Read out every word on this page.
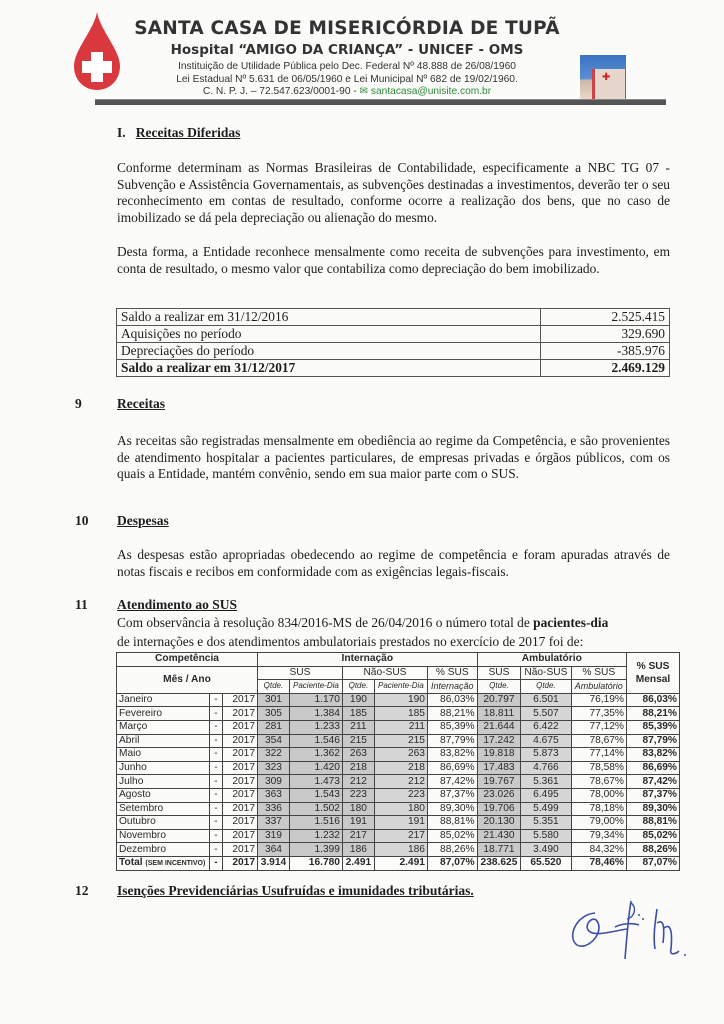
SANTA CASA DE MISERICÓRDIA DE TUPÃ
Hospital “AMIGO DA CRIANÇA” - UNICEF - OMS
Instituição de Utilidade Pública pelo Dec. Federal Nº 48.888 de 26/08/1960
Lei Estadual Nº 5.631 de 06/05/1960 e Lei Municipal Nº 682 de 19/02/1960.
C. N. P. J. – 72.547.623/0001-90 - ✉ santacasa@unisite.com.br
✚
I. Receitas Diferidas
Conforme determinam as Normas Brasileiras de Contabilidade, especificamente a NBC TG 07 - Subvenção e Assistência Governamentais, as subvenções destinadas a investimentos, deverão ter o seu reconhecimento em contas de resultado, conforme ocorre a realização dos bens, que no caso de imobilizado se dá pela depreciação ou alienação do mesmo.
Desta forma, a Entidade reconhece mensalmente como receita de subvenções para investimento, em conta de resultado, o mesmo valor que contabiliza como depreciação do bem imobilizado.
Saldo a realizar em 31/12/2016	2.525.415
Aquisições no período	329.690
Depreciações do período	-385.976
Saldo a realizar em 31/12/2017	2.469.129
9	Receitas
As receitas são registradas mensalmente em obediência ao regime da Competência, e são provenientes de atendimento hospitalar a pacientes particulares, de empresas privadas e órgãos públicos, com os quais a Entidade, mantém convênio, sendo em sua maior parte com o SUS.
10 Despesas
As despesas estão apropriadas obedecendo ao regime de competência e foram apuradas através de notas fiscais e recibos em conformidade com as exigências legais-fiscais.
11 Atendimento ao SUS
Com observância à resolução 834/2016-MS de 26/04/2016 o número total de pacientes-dia
de internações e dos atendimentos ambulatoriais prestados no exercício de 2017 foi de:
Competência			Internação					Ambulatório			% SUS Mensal
Mês / Ano			SUS		Não-SUS		% SUS	SUS	Não-SUS	% SUS	
			Qtde.	Paciente-Dia	Qtde.	Paciente-Dia	Internação	Qtde.	Qtde.	Ambulatório	
Janeiro	-	2017	301	1.170	190	190	86,03%	20.797	6.501	76,19%	86,03%
Fevereiro	-	2017	305	1.384	185	185	88,21%	18.811	5.507	77,35%	88,21%
Março	-	2017	281	1.233	211	211	85,39%	21.644	6.422	77,12%	85,39%
Abril	-	2017	354	1.546	215	215	87,79%	17.242	4.675	78,67%	87,79%
Maio	-	2017	322	1.362	263	263	83,82%	19.818	5.873	77,14%	83,82%
Junho	-	2017	323	1.420	218	218	86,69%	17.483	4.766	78,58%	86,69%
Julho	-	2017	309	1.473	212	212	87,42%	19.767	5.361	78,67%	87,42%
Agosto	-	2017	363	1.543	223	223	87,37%	23.026	6.495	78,00%	87,37%
Setembro	-	2017	336	1.502	180	180	89,30%	19.706	5.499	78,18%	89,30%
Outubro	-	2017	337	1.516	191	191	88,81%	20.130	5.351	79,00%	88,81%
Novembro	-	2017	319	1.232	217	217	85,02%	21.430	5.580	79,34%	85,02%
Dezembro	-	2017	364	1.399	186	186	88,26%	18.771	3.490	84,32%	88,26%
Total (SEM INCENTIVO)	-	2017	3.914	16.780	2.491	2.491	87,07%	238.625	65.520	78,46%	87,07%
12 Isenções Previdenciárias Usufruídas e imunidades tributárias.
